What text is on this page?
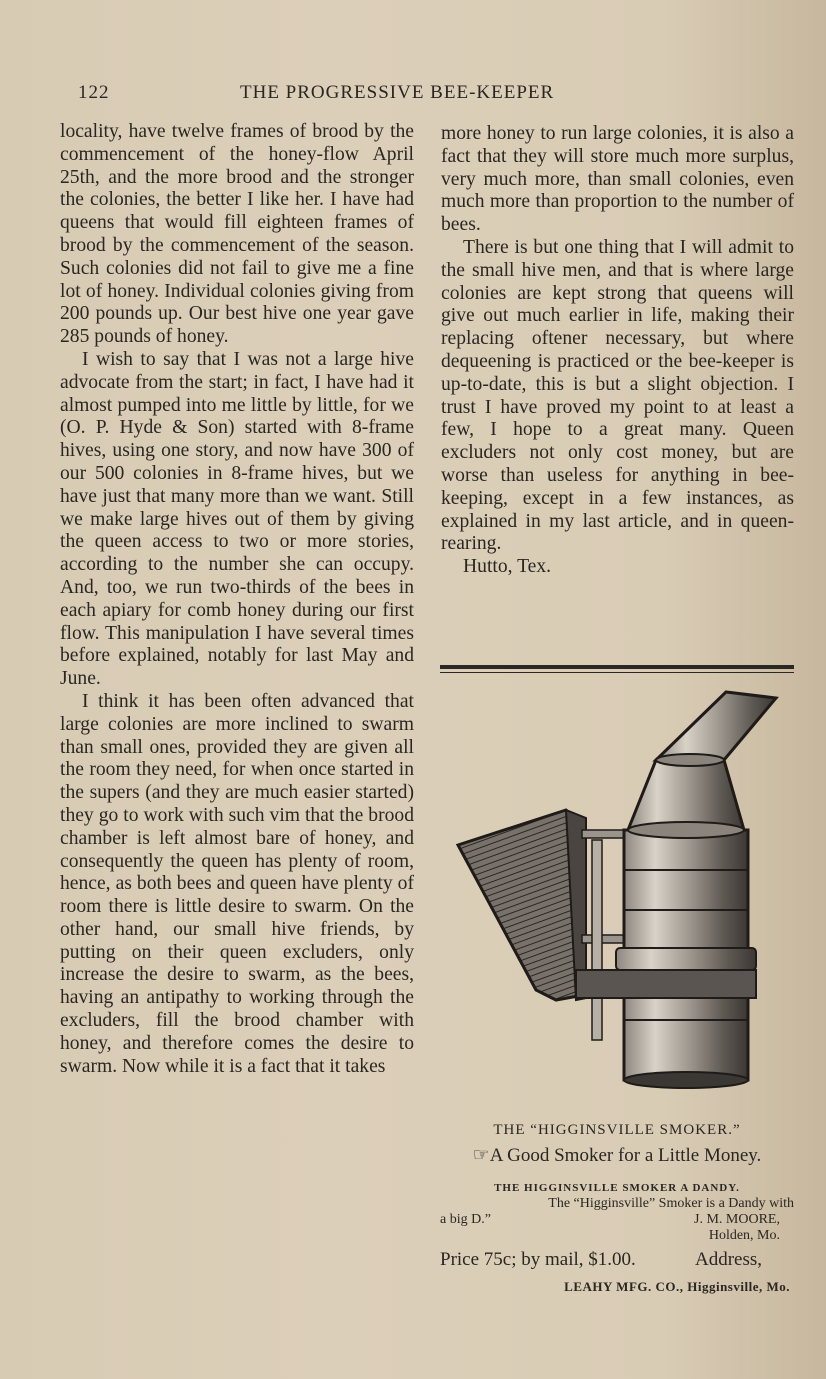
122	THE PROGRESSIVE BEE-KEEPER

locality, have twelve frames of brood by the commencement of the honey-flow April 25th, and the more brood and the stronger the colonies, the better I like her. I have had queens that would fill eighteen frames of brood by the commencement of the season. Such colonies did not fail to give me a fine lot of honey. Individual colonies giving from 200 pounds up. Our best hive one year gave 285 pounds of honey.

I wish to say that I was not a large hive advocate from the start; in fact, I have had it almost pumped into me little by little, for we (O. P. Hyde & Son) started with 8-frame hives, using one story, and now have 300 of our 500 colonies in 8-frame hives, but we have just that many more than we want. Still we make large hives out of them by giving the queen access to two or more stories, according to the number she can occupy. And, too, we run two-thirds of the bees in each apiary for comb honey during our first flow. This manipulation I have several times before explained, notably for last May and June.

I think it has been often advanced that large colonies are more inclined to swarm than small ones, provided they are given all the room they need, for when once started in the supers (and they are much easier started) they go to work with such vim that the brood chamber is left almost bare of honey, and consequently the queen has plenty of room, hence, as both bees and queen have plenty of room there is little desire to swarm. On the other hand, our small hive friends, by putting on their queen excluders, only increase the desire to swarm, as the bees, having an antipathy to working through the excluders, fill the brood chamber with honey, and therefore comes the desire to swarm. Now while it is a fact that it takes

more honey to run large colonies, it is also a fact that they will store much more surplus, very much more, than small colonies, even much more than proportion to the number of bees.

There is but one thing that I will admit to the small hive men, and that is where large colonies are kept strong that queens will give out much earlier in life, making their replacing oftener necessary, but where dequeening is practiced or the bee-keeper is up-to-date, this is but a slight objection. I trust I have proved my point to at least a few, I hope to a great many. Queen excluders not only cost money, but are worse than useless for anything in bee-keeping, except in a few instances, as explained in my last article, and in queen-rearing.

Hutto, Tex.

THE “HIGGINSVILLE SMOKER.”
☞A Good Smoker for a Little Money.
THE HIGGINSVILLE SMOKER A DANDY.
The “Higginsville” Smoker is a Dandy with
a big D.”	J. M. MOORE,
Holden, Mo.
Price 75c; by mail, $1.00.	Address,
LEAHY MFG. CO., Higginsville, Mo.
